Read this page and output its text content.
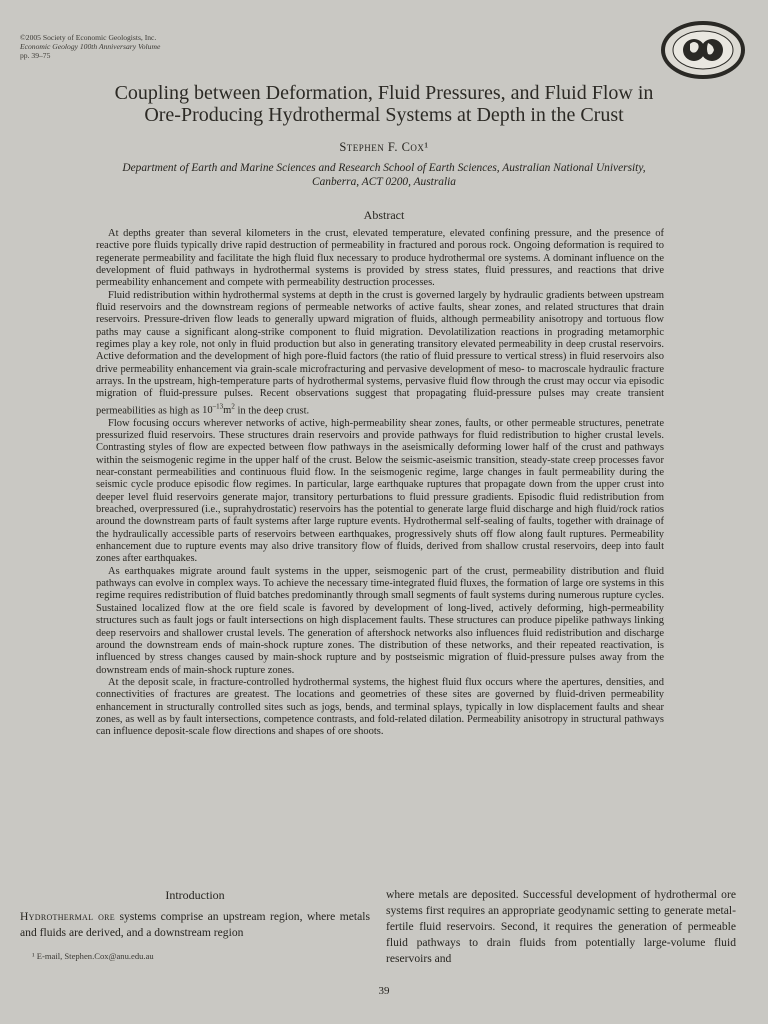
©2005 Society of Economic Geologists, Inc.
Economic Geology 100th Anniversary Volume
pp. 39–75
Coupling between Deformation, Fluid Pressures, and Fluid Flow in
Ore-Producing Hydrothermal Systems at Depth in the Crust
Stephen F. Cox¹
Department of Earth and Marine Sciences and Research School of Earth Sciences, Australian National University,
Canberra, ACT 0200, Australia
Abstract

At depths greater than several kilometers in the crust, elevated temperature, elevated confining pressure, and the presence of reactive pore fluids typically drive rapid destruction of permeability in fractured and porous rock. Ongoing deformation is required to regenerate permeability and facilitate the high fluid flux necessary to produce hydrothermal ore systems. A dominant influence on the development of fluid pathways in hydrothermal systems is provided by stress states, fluid pressures, and reactions that drive permeability enhancement and compete with permeability destruction processes.

Fluid redistribution within hydrothermal systems at depth in the crust is governed largely by hydraulic gradients between upstream fluid reservoirs and the downstream regions of permeable networks of active faults, shear zones, and related structures that drain reservoirs. Pressure-driven flow leads to generally upward migration of fluids, although permeability anisotropy and tortuous flow paths may cause a significant along-strike component to fluid migration. Devolatilization reactions in prograding metamorphic regimes play a key role, not only in fluid production but also in generating transitory elevated permeability in deep crustal reservoirs. Active deformation and the development of high pore-fluid factors (the ratio of fluid pressure to vertical stress) in fluid reservoirs also drive permeability enhancement via grain-scale microfracturing and pervasive development of meso- to macroscale hydraulic fracture arrays. In the upstream, high-temperature parts of hydrothermal systems, pervasive fluid flow through the crust may occur via episodic migration of fluid-pressure pulses. Recent observations suggest that propagating fluid-pressure pulses may create transient permeabilities as high as $10^{-13}m^2$ in the deep crust.

Flow focusing occurs wherever networks of active, high-permeability shear zones, faults, or other permeable structures, penetrate pressurized fluid reservoirs. These structures drain reservoirs and provide pathways for fluid redistribution to higher crustal levels. Contrasting styles of flow are expected between flow pathways in the aseismically deforming lower half of the crust and pathways within the seismogenic regime in the upper half of the crust. Below the seismic-aseismic transition, steady-state creep processes favor near-constant permeabilities and continuous fluid flow. In the seismogenic regime, large changes in fault permeability during the seismic cycle produce episodic flow regimes. In particular, large earthquake ruptures that propagate down from the upper crust into deeper level fluid reservoirs generate major, transitory perturbations to fluid pressure gradients. Episodic fluid redistribution from breached, overpressured (i.e., suprahydrostatic) reservoirs has the potential to generate large fluid discharge and high fluid/rock ratios around the downstream parts of fault systems after large rupture events. Hydrothermal self-sealing of faults, together with drainage of the hydraulically accessible parts of reservoirs between earthquakes, progressively shuts off flow along fault ruptures. Permeability enhancement due to rupture events may also drive transitory flow of fluids, derived from shallow crustal reservoirs, deep into fault zones after earthquakes.

As earthquakes migrate around fault systems in the upper, seismogenic part of the crust, permeability distribution and fluid pathways can evolve in complex ways. To achieve the necessary time-integrated fluid fluxes, the formation of large ore systems in this regime requires redistribution of fluid batches predominantly through small segments of fault systems during numerous rupture cycles. Sustained localized flow at the ore field scale is favored by development of long-lived, actively deforming, high-permeability structures such as fault jogs or fault intersections on high displacement faults. These structures can produce pipelike pathways linking deep reservoirs and shallower crustal levels. The generation of aftershock networks also influences fluid redistribution and discharge around the downstream ends of main-shock rupture zones. The distribution of these networks, and their repeated reactivation, is influenced by stress changes caused by main-shock rupture and by postseismic migration of fluid-pressure pulses away from the downstream ends of main-shock rupture zones.

At the deposit scale, in fracture-controlled hydrothermal systems, the highest fluid flux occurs where the apertures, densities, and connectivities of fractures are greatest. The locations and geometries of these sites are governed by fluid-driven permeability enhancement in structurally controlled sites such as jogs, bends, and terminal splays, typically in low displacement faults and shear zones, as well as by fault intersections, competence contrasts, and fold-related dilation. Permeability anisotropy in structural pathways can influence deposit-scale flow directions and shapes of ore shoots.

Introduction
Hydrothermal ore systems comprise an upstream region, where metals and fluids are derived, and a downstream region
¹ E-mail, Stephen.Cox@anu.edu.au
where metals are deposited. Successful development of hydrothermal ore systems first requires an appropriate geodynamic setting to generate metal-fertile fluid reservoirs. Second, it requires the generation of permeable fluid pathways to drain fluids from potentially large-volume fluid reservoirs and
39
